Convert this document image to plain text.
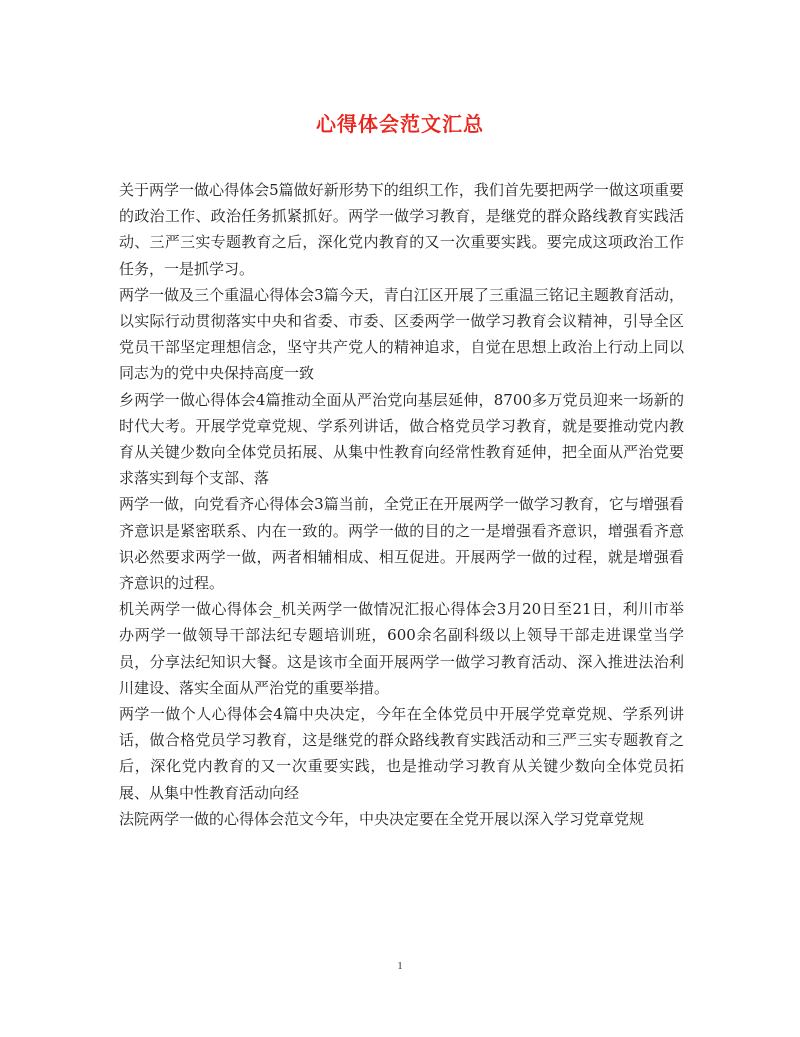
心得体会范文汇总

关于两学一做心得体会5篇做好新形势下的组织工作，我们首先要把两学一做这项重要的政治工作、政治任务抓紧抓好。两学一做学习教育，是继党的群众路线教育实践活动、三严三实专题教育之后，深化党内教育的又一次重要实践。要完成这项政治工作任务，一是抓学习。

两学一做及三个重温心得体会3篇今天，青白江区开展了三重温三铭记主题教育活动，以实际行动贯彻落实中央和省委、市委、区委两学一做学习教育会议精神，引导全区党员干部坚定理想信念，坚守共产党人的精神追求，自觉在思想上政治上行动上同以同志为的党中央保持高度一致

乡两学一做心得体会4篇推动全面从严治党向基层延伸，8700多万党员迎来一场新的时代大考。开展学党章党规、学系列讲话，做合格党员学习教育，就是要推动党内教育从关键少数向全体党员拓展、从集中性教育向经常性教育延伸，把全面从严治党要求落实到每个支部、落

两学一做，向党看齐心得体会3篇当前，全党正在开展两学一做学习教育，它与增强看齐意识是紧密联系、内在一致的。两学一做的目的之一是增强看齐意识，增强看齐意识必然要求两学一做，两者相辅相成、相互促进。开展两学一做的过程，就是增强看齐意识的过程。

机关两学一做心得体会_机关两学一做情况汇报心得体会3月20日至21日，利川市举办两学一做领导干部法纪专题培训班，600余名副科级以上领导干部走进课堂当学员，分享法纪知识大餐。这是该市全面开展两学一做学习教育活动、深入推进法治利川建设、落实全面从严治党的重要举措。

两学一做个人心得体会4篇中央决定，今年在全体党员中开展学党章党规、学系列讲话，做合格党员学习教育，这是继党的群众路线教育实践活动和三严三实专题教育之后，深化党内教育的又一次重要实践，也是推动学习教育从关键少数向全体党员拓展、从集中性教育活动向经

法院两学一做的心得体会范文今年，中央决定要在全党开展以深入学习党章党规

1
